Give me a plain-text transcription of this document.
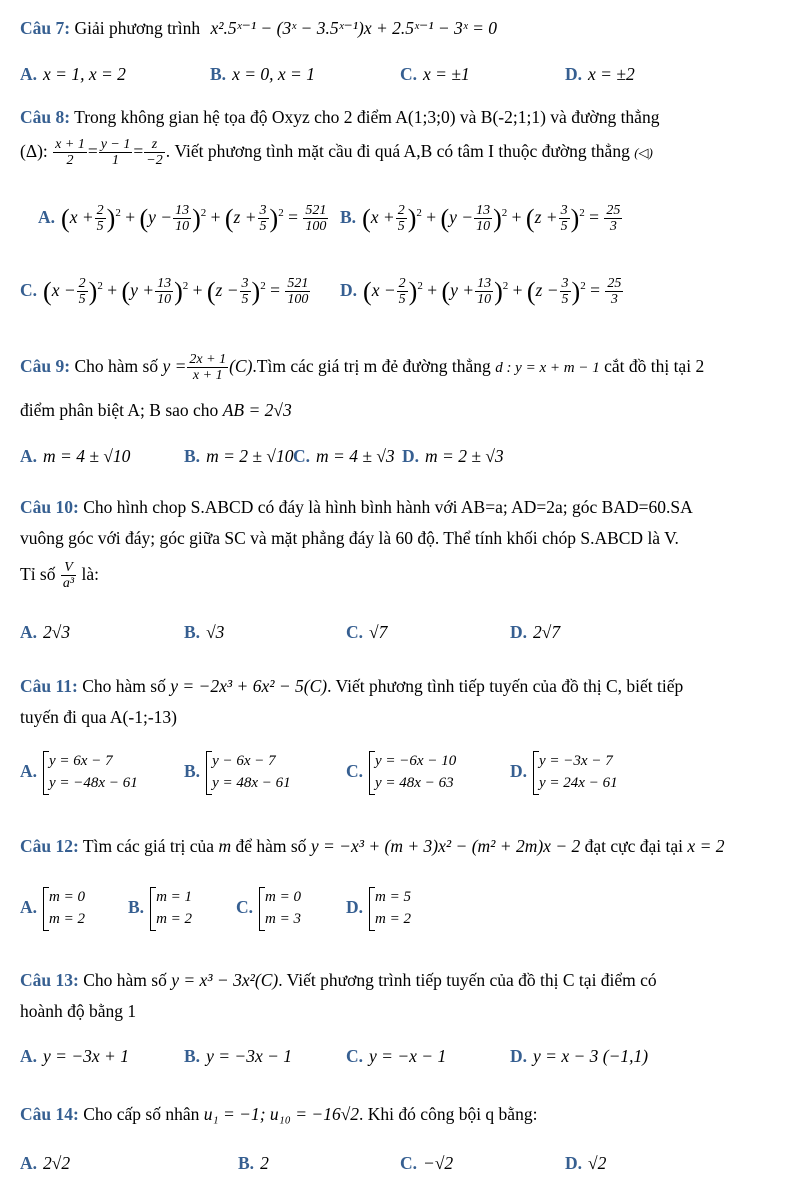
Câu 7: Giải phương trình x².5ˣ⁻¹ − (3ˣ − 3.5ˣ⁻¹)x + 2.5ˣ⁻¹ − 3ˣ = 0
A. x = 1, x = 2	B. x = 0, x = 1	C. x = ±1	D. x = ±2
Câu 8: Trong không gian hệ tọa độ Oxyz cho 2 điểm A(1;3;0) và B(-2;1;1) và đường thẳng
(Δ): $\frac{x + 1}{2} = \frac{y - 1}{1} = \frac{z}{-2}$ . Viết phương tình mặt cầu đi quá A,B có tâm I thuộc đường thẳng (◁)
A. $(x + \frac{2}{5} )^2 + (y - \frac{13}{10} )^2 + (z + \frac{3}{5} )^2 = \frac{521}{100} B$. $(x + \frac{2}{5} )^2 + (y - \frac{13}{10} )^2 + (z + \frac{3}{5} )^2 = \frac{25}{3}$
C. $(x - \frac{2}{5} )^2 + (y + \frac{13}{10} )^2 + (z - \frac{3}{5} )^2 = \frac{521}{100} D$. $(x - \frac{2}{5} )^2 + (y + \frac{13}{10} )^2 + (z - \frac{3}{5} )^2 = \frac{25}{3}$
Câu 9: Cho hàm số $y = \frac{2x + 1}{x + 1}$ (C).Tìm các giá trị m đẻ đường thẳng d : y = x + m − 1 cắt đồ thị tại 2
điểm phân biệt A; B sao cho AB = 2√3
A. m = 4 ± √10	B. m = 2 ± √10 C. m = 4 ± √3 D. m = 2 ± √3
Câu 10: Cho hình chop S.ABCD có đáy là hình bình hành với AB=a; AD=2a; góc BAD=60.SA
vuông góc với đáy; góc giữa SC và mặt phẳng đáy là 60 độ. Thể tính khối chóp S.ABCD là V.
Tỉ số $\frac{V}{\text{a³}}$ là:
A. 2√3	B. √3	C. √7	D. 2√7
Câu 11: Cho hàm số y = −2x³ + 6x² − 5(C). Viết phương tình tiếp tuyến của đồ thị C, biết tiếp
tuyến đi qua A(-1;-13)
A. y = 6x − 7
y = −48x − 61
B. y − 6x − 7
y = 48x − 61
C. y = −6x − 10
y = 48x − 63
D. y = −3x − 7
y = 24x − 61
Câu 12: Tìm các giá trị của m để hàm số y = −x³ + (m + 3)x² − (m² + 2m)x − 2 đạt cực đại tại x = 2
A. m = 0
m = 2
B. m = 1
m = 2
C. m = 0
m = 3
D. m = 5
m = 2
Câu 13: Cho hàm số y = x³ − 3x²(C). Viết phương trình tiếp tuyến của đồ thị C tại điểm có
hoành độ bằng 1
A. y = −3x + 1	B. y = −3x − 1	C. y = −x − 1	D. y = x − 3 (−1,1)
Câu 14: Cho cấp số nhân u₁ = −1; u₁₀ = −16√2. Khi đó công bội q bằng:
A. 2√2	B. 2	C. −√2	D. √2
